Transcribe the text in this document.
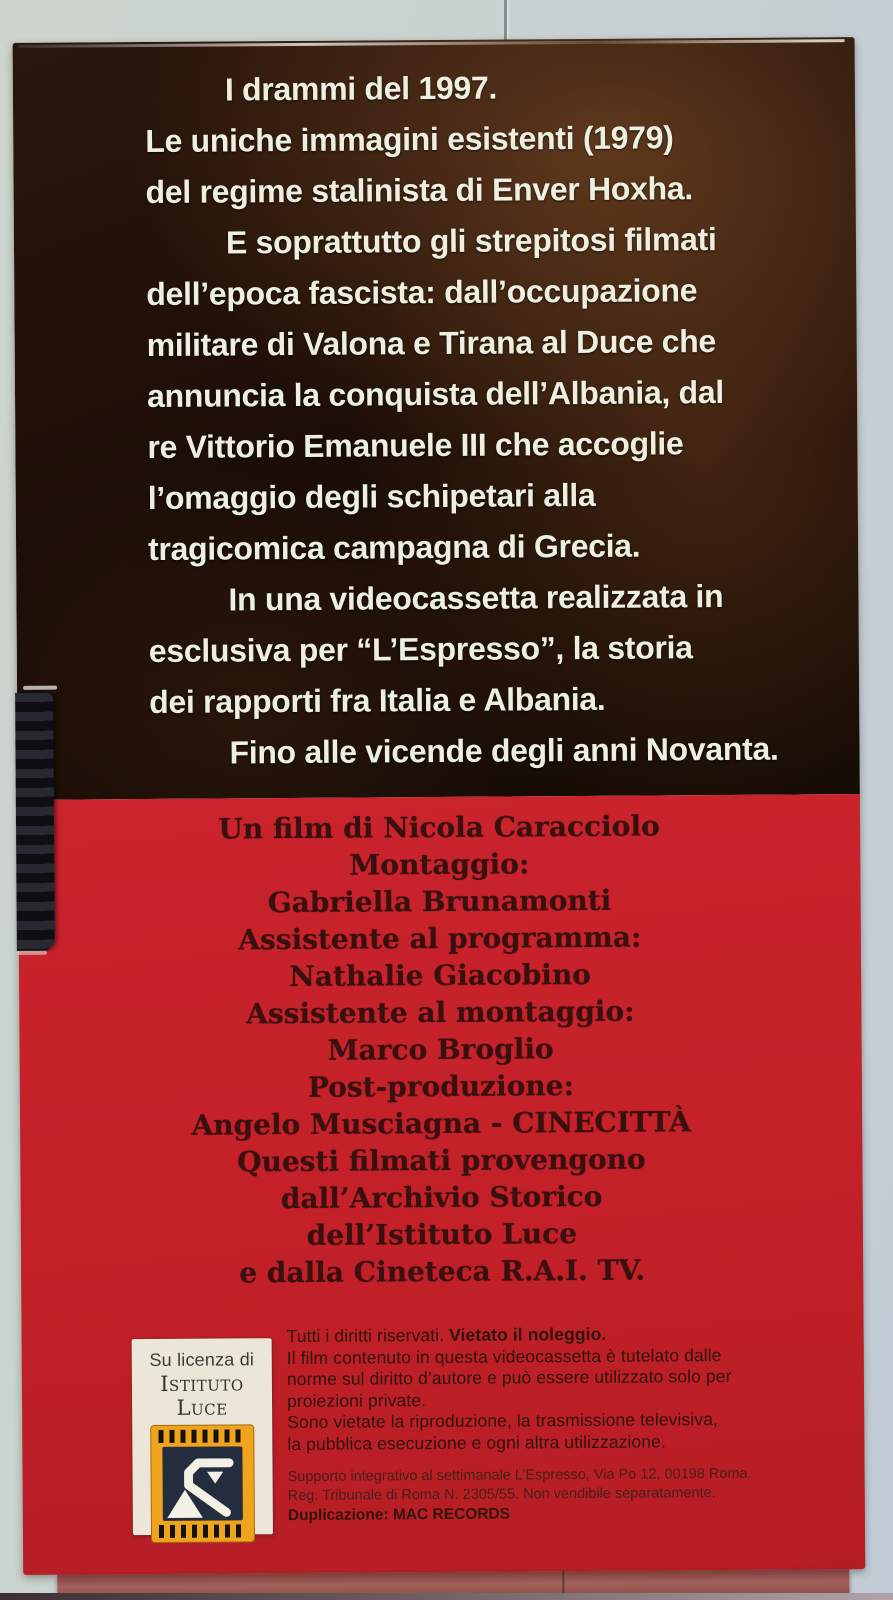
I drammi del 1997.
Le uniche immagini esistenti (1979)
del regime stalinista di Enver Hoxha.
E soprattutto gli strepitosi filmati
dell’epoca fascista: dall’occupazione
militare di Valona e Tirana al Duce che
annuncia la conquista dell’Albania, dal
re Vittorio Emanuele III che accoglie
l’omaggio degli schipetari alla
tragicomica campagna di Grecia.
In una videocassetta realizzata in
esclusiva per “L’Espresso”, la storia
dei rapporti fra Italia e Albania.
Fino alle vicende degli anni Novanta.
Un film di Nicola Caracciolo
Montaggio:
Gabriella Brunamonti
Assistente al programma:
Nathalie Giacobino
Assistente al montaggio:
Marco Broglio
Post-produzione:
Angelo Musciagna - CINECITTÀ
Questi filmati provengono
dall’Archivio Storico
dell’Istituto Luce
e dalla Cineteca R.A.I. TV.
Su licenza di
Istituto Luce
Tutti i diritti riservati. Vietato il noleggio.
Il film contenuto in questa videocassetta è tutelato dalle
norme sul diritto d’autore e può essere utilizzato solo per
proiezioni private.
Sono vietate la riproduzione, la trasmissione televisiva,
la pubblica esecuzione e ogni altra utilizzazione.
Supporto integrativo al settimanale L’Espresso, Via Po 12, 00198 Roma.
Reg. Tribunale di Roma N. 2305/55. Non vendibile separatamente.
Duplicazione: MAC RECORDS
